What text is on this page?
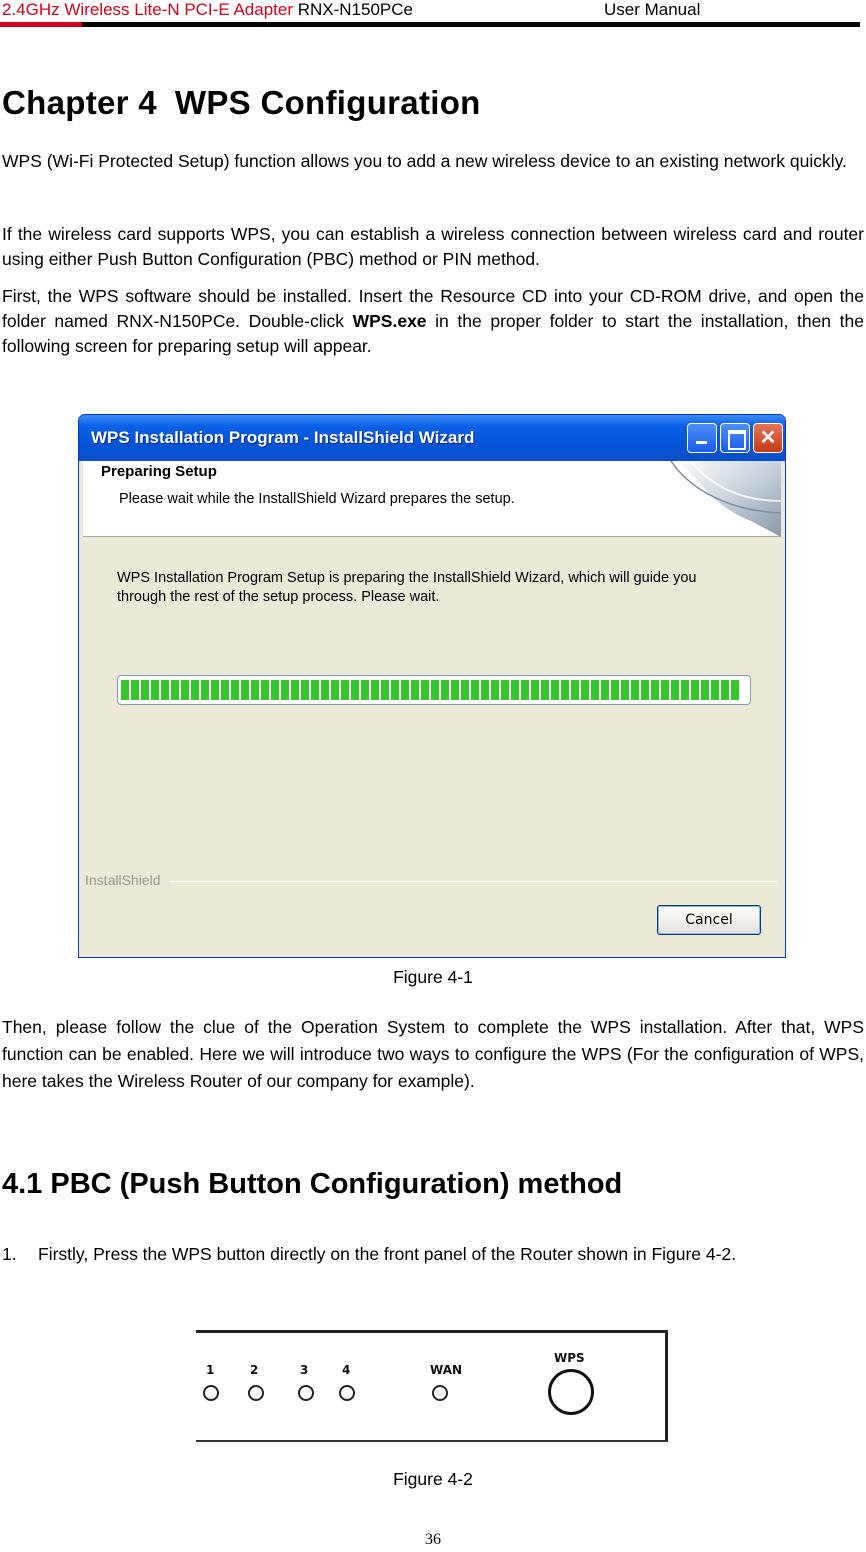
2.4GHz Wireless Lite-N PCI-E Adapter RNX-N150PCe	User Manual
Chapter 4 WPS Configuration

WPS (Wi-Fi Protected Setup) function allows you to add a new wireless device to an existing network quickly.

If the wireless card supports WPS, you can establish a wireless connection between wireless card and router using either Push Button Configuration (PBC) method or PIN method.

First, the WPS software should be installed. Insert the Resource CD into your CD-ROM drive, and open the folder named RNX-N150PCe. Double-click WPS.exe in the proper folder to start the installation, then the following screen for preparing setup will appear.

WPS Installation Program - InstallShield Wizard	✕
Preparing Setup
Please wait while the InstallShield Wizard prepares the setup.
WPS Installation Program Setup is preparing the InstallShield Wizard, which will guide you through the rest of the setup process. Please wait.
InstallShield
Cancel
Figure 4-1

Then, please follow the clue of the Operation System to complete the WPS installation. After that, WPS function can be enabled. Here we will introduce two ways to configure the WPS (For the configuration of WPS, here takes the Wireless Router of our company for example).

4.1 PBC (Push Button Configuration) method
1. Firstly, Press the WPS button directly on the front panel of the Router shown in Figure 4-2.
1	2	3	4	WAN
WPS
Figure 4-2
36
